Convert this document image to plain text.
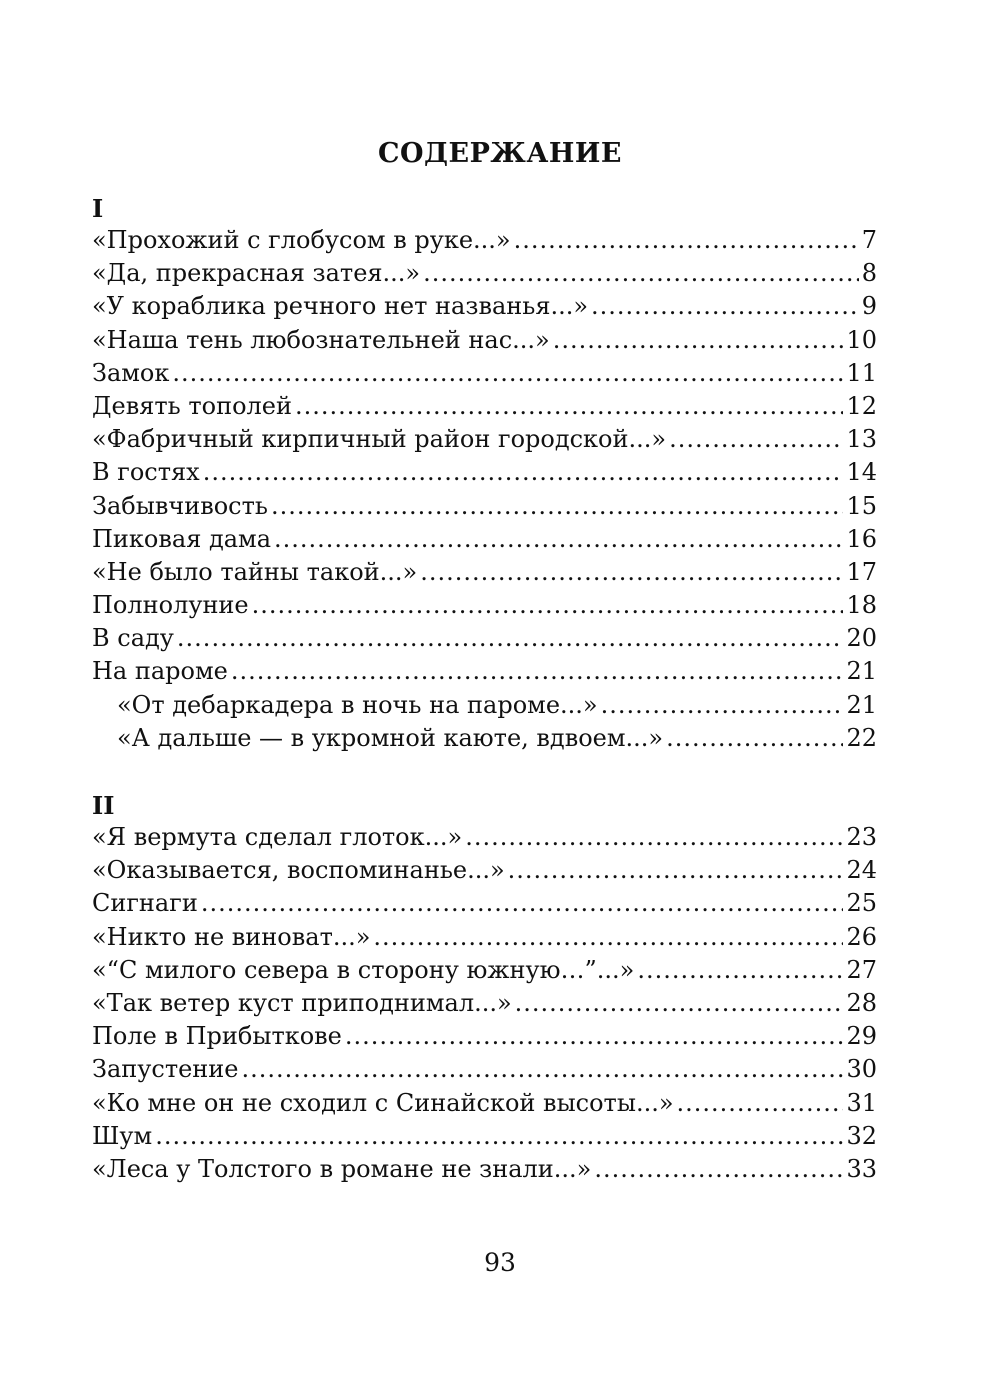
СОДЕРЖАНИЕ
I
«Прохожий с глобусом в руке...» .....	7
«Да, прекрасная затея...» .....	8
«У кораблика речного нет названья...» .....	9
«Наша тень любознательней нас...» .....	10
Замок .....	11
Девять тополей .....	12
«Фабричный кирпичный район городской...» .....	13
В гостях .....	14
Забывчивость .....	15
Пиковая дама .....	16
«Не было тайны такой...» .....	17
Полнолуние .....	18
В саду .....	20
На пароме .....	21
«От дебаркадера в ночь на пароме...» .....	21
«А дальше — в укромной каюте, вдвоем...» .....	22
II
«Я вермута сделал глоток...» .....	23
«Оказывается, воспоминанье...» .....	24
Сигнаги .....	25
«Никто не виноват...» .....	26
«“С милого севера в сторону южную…”...» .....	27
«Так ветер куст приподнимал...» .....	28
Поле в Прибыткове .....	29
Запустение .....	30
«Ко мне он не сходил с Синайской высоты...» .....	31
Шум .....	32
«Леса у Толстого в романе не знали...» .....	33
93
